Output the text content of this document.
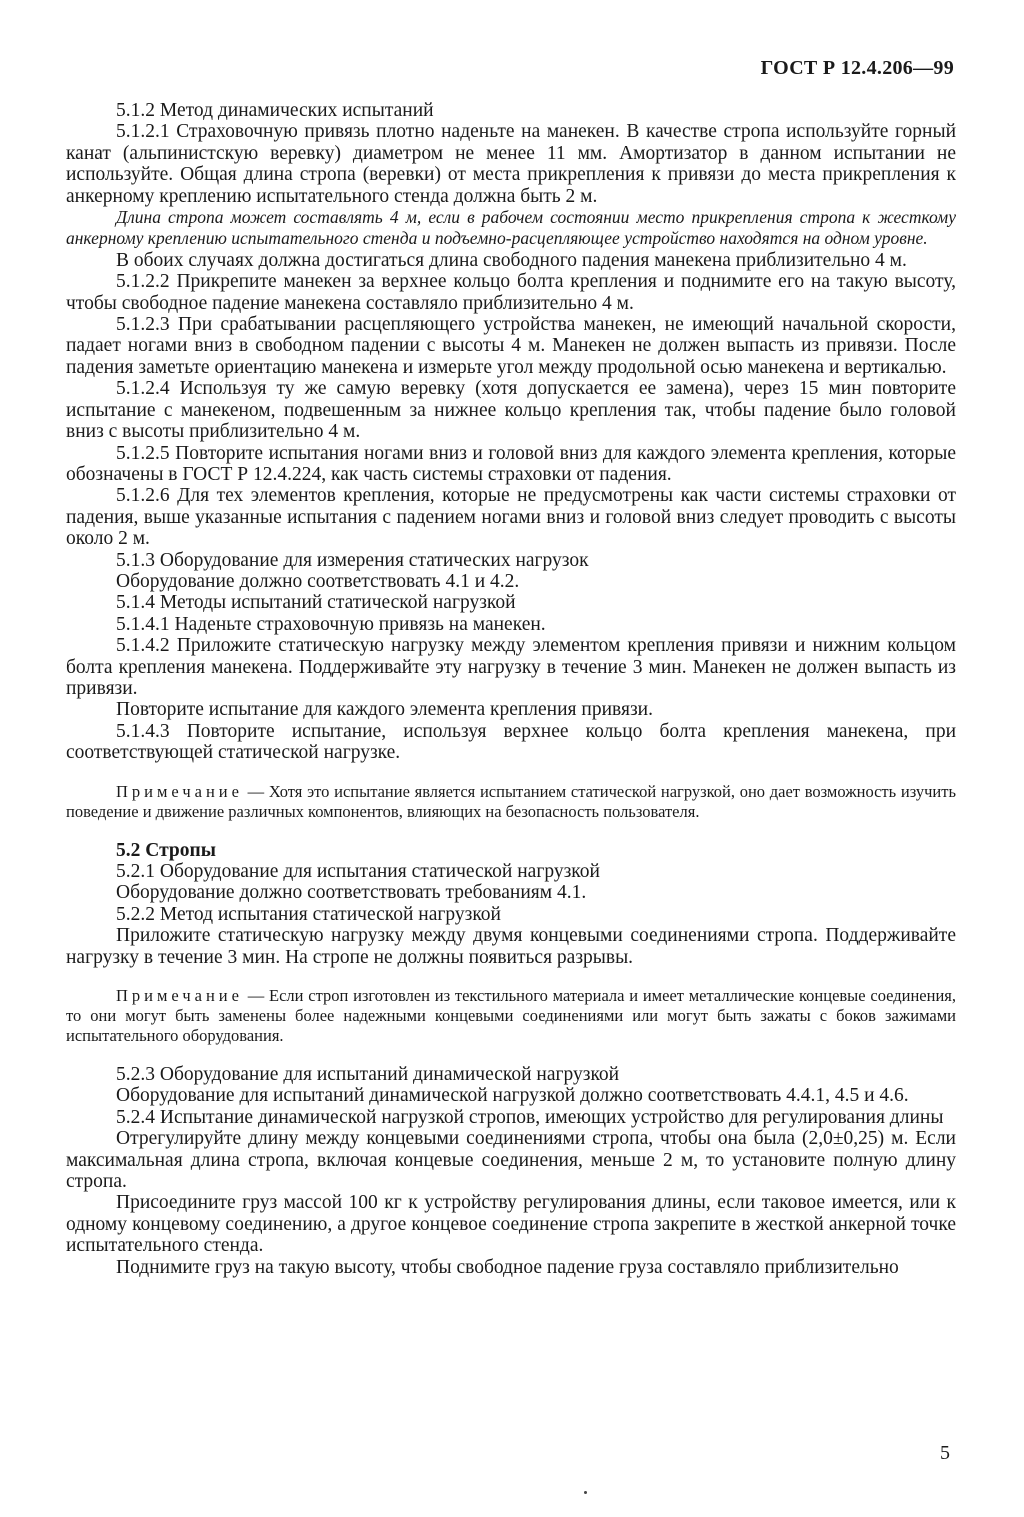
ГОСТ Р 12.4.206—99

5.1.2 Метод динамических испытаний

5.1.2.1 Страховочную привязь плотно наденьте на манекен. В качестве стропа используйте горный канат (альпинистскую веревку) диаметром не менее 11 мм. Амортизатор в данном испытании не используйте. Общая длина стропа (веревки) от места прикрепления к привязи до места прикрепления к анкерному креплению испытательного стенда должна быть 2 м.

Длина стропа может составлять 4 м, если в рабочем состоянии место прикрепления стропа к жесткому анкерному креплению испытательного стенда и подъемно-расцепляющее устройство находятся на одном уровне.

В обоих случаях должна достигаться длина свободного падения манекена приблизительно 4 м.

5.1.2.2 Прикрепите манекен за верхнее кольцо болта крепления и поднимите его на такую высоту, чтобы свободное падение манекена составляло приблизительно 4 м.

5.1.2.3 При срабатывании расцепляющего устройства манекен, не имеющий начальной скорости, падает ногами вниз в свободном падении с высоты 4 м. Манекен не должен выпасть из привязи. После падения заметьте ориентацию манекена и измерьте угол между продольной осью манекена и вертикалью.

5.1.2.4 Используя ту же самую веревку (хотя допускается ее замена), через 15 мин повторите испытание с манекеном, подвешенным за нижнее кольцо крепления так, чтобы падение было головой вниз с высоты приблизительно 4 м.

5.1.2.5 Повторите испытания ногами вниз и головой вниз для каждого элемента крепления, которые обозначены в ГОСТ Р 12.4.224, как часть системы страховки от падения.

5.1.2.6 Для тех элементов крепления, которые не предусмотрены как части системы страховки от падения, выше указанные испытания с падением ногами вниз и головой вниз следует проводить с высоты около 2 м.

5.1.3 Оборудование для измерения статических нагрузок

Оборудование должно соответствовать 4.1 и 4.2.

5.1.4 Методы испытаний статической нагрузкой

5.1.4.1 Наденьте страховочную привязь на манекен.

5.1.4.2 Приложите статическую нагрузку между элементом крепления привязи и нижним кольцом болта крепления манекена. Поддерживайте эту нагрузку в течение 3 мин. Манекен не должен выпасть из привязи.

Повторите испытание для каждого элемента крепления привязи.

5.1.4.3 Повторите испытание, используя верхнее кольцо болта крепления манекена, при соответствующей статической нагрузке.

Примечание — Хотя это испытание является испытанием статической нагрузкой, оно дает возможность изучить поведение и движение различных компонентов, влияющих на безопасность пользователя.

5.2 Стропы

5.2.1 Оборудование для испытания статической нагрузкой

Оборудование должно соответствовать требованиям 4.1.

5.2.2 Метод испытания статической нагрузкой

Приложите статическую нагрузку между двумя концевыми соединениями стропа. Поддерживайте нагрузку в течение 3 мин. На стропе не должны появиться разрывы.

Примечание — Если строп изготовлен из текстильного материала и имеет металлические концевые соединения, то они могут быть заменены более надежными концевыми соединениями или могут быть зажаты с боков зажимами испытательного оборудования.

5.2.3 Оборудование для испытаний динамической нагрузкой

Оборудование для испытаний динамической нагрузкой должно соответствовать 4.4.1, 4.5 и 4.6.

5.2.4 Испытание динамической нагрузкой стропов, имеющих устройство для регулирования длины

Отрегулируйте длину между концевыми соединениями стропа, чтобы она была (2,0±0,25) м. Если максимальная длина стропа, включая концевые соединения, меньше 2 м, то установите полную длину стропа.

Присоедините груз массой 100 кг к устройству регулирования длины, если таковое имеется, или к одному концевому соединению, а другое концевое соединение стропа закрепите в жесткой анкерной точке испытательного стенда.

Поднимите груз на такую высоту, чтобы свободное падение груза составляло приблизительно

5
